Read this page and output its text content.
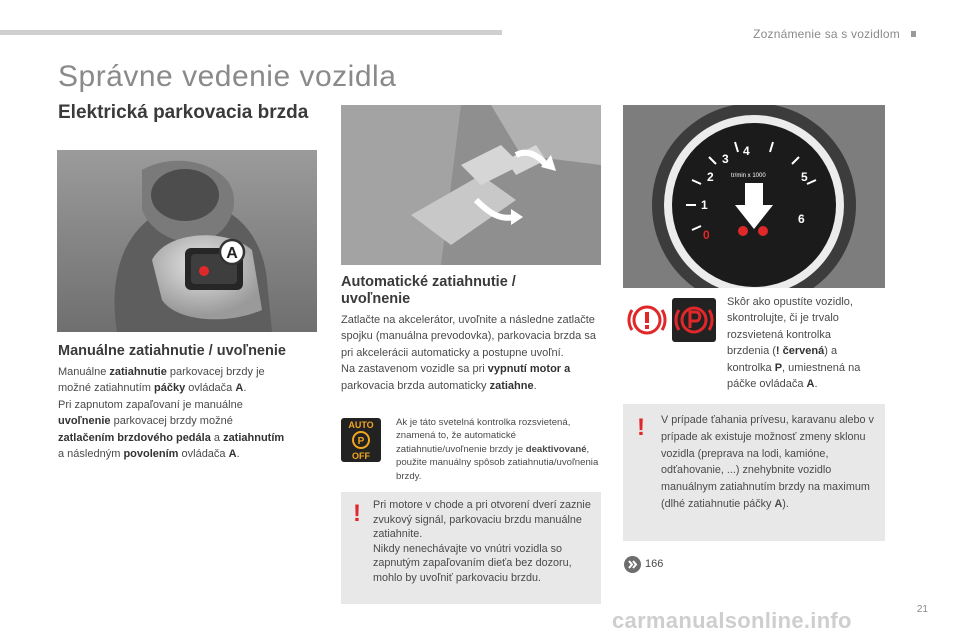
Zoznámenie sa s vozidlom
Správne vedenie vozidla
Elektrická parkovacia brzda
A
0
1
2
3
4
5
6
tr/min x 1000
Manuálne zatiahnutie / uvoľnenie
Manuálne zatiahnutie parkovacej brzdy je
možné zatiahnutím páčky ovládača A.
Pri zapnutom zapaľovaní je manuálne
uvoľnenie parkovacej brzdy možné
zatlačením brzdového pedála a zatiahnutím
a následným povolením ovládača A.
Automatické zatiahnutie /
uvoľnenie
Zatlačte na akcelerátor, uvoľnite a následne zatlačte spojku (manuálna prevodovka), parkovacia brzda sa pri akcelerácii automaticky a postupne uvoľní.
Na zastavenom vozidle sa pri vypnutí motor a parkovacia brzda automaticky zatiahne.
AUTO
P
OFF
Ak je táto svetelná kontrolka rozsvietená, znamená to, že automatické zatiahnutie/uvoľnenie brzdy je deaktivované, použite manuálny spôsob zatiahnutia/uvoľnenia brzdy.
! Pri motore v chode a pri otvorení dverí zaznie zvukový signál, parkovaciu brzdu manuálne zatiahnite.
Nikdy nenechávajte vo vnútri vozidla so zapnutým zapaľovaním dieťa bez dozoru, mohlo by uvoľniť parkovaciu brzdu.
Skôr ako opustíte vozidlo,
skontrolujte, či je trvalo
rozsvietená kontrolka
brzdenia (! červená) a
kontrolka P, umiestnená na
páčke ovládača A.
! V prípade ťahania prívesu, karavanu alebo v prípade ak existuje možnosť zmeny sklonu vozidla (preprava na lodi, kamióne, odťahovanie, ...) znehybnite vozidlo manuálnym zatiahnutím brzdy na maximum (dlhé zatiahnutie páčky A).
166
21
carmanualsonline.info
